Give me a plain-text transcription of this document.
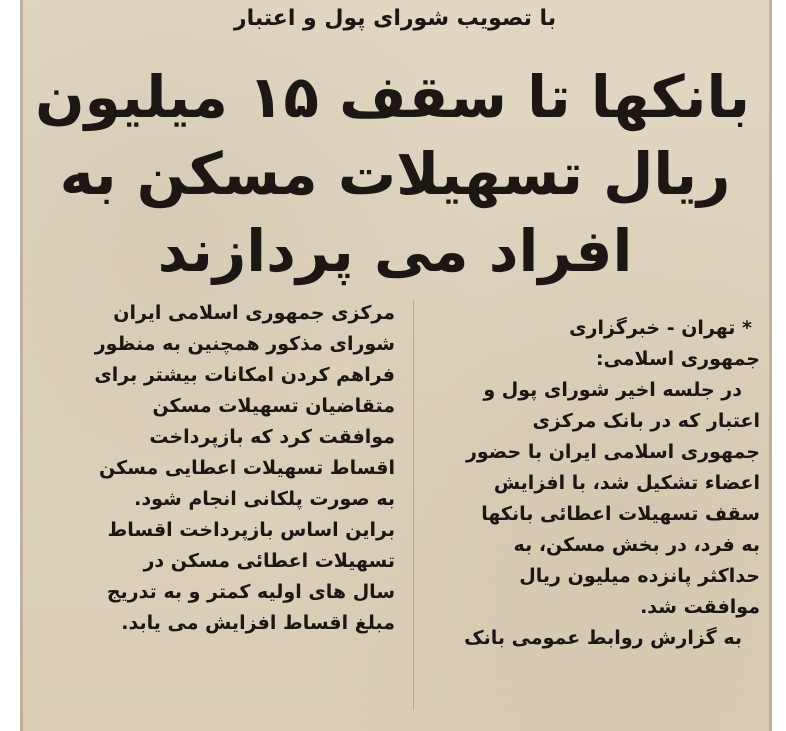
با تصویب شورای پول و اعتبار
بانکها تا سقف ۱۵ میلیون
ریال تسهیلات مسکن به
افراد می پردازند
* تهران - خبرگزاری
جمهوری اسلامی:
در جلسه اخیر شورای پول و
اعتبار که در بانک مرکزی
جمهوری اسلامی ایران با حضور
اعضاء تشکیل شد، با افزایش
سقف تسهیلات اعطائی بانکها
به فرد، در بخش مسکن، به
حداکثر پانزده میلیون ریال
موافقت شد.
به گزارش روابط عمومی بانک
مرکزی جمهوری اسلامی ایران
شورای مذکور همچنین به منظور
فراهم کردن امکانات بیشتر برای
متقاضیان تسهیلات مسکن
موافقت کرد که بازپرداخت
اقساط تسهیلات اعطایی مسکن
به صورت پلکانی انجام شود.
براین اساس بازپرداخت اقساط
تسهیلات اعطائی مسکن در
سال های اولیه کمتر و به تدریج
مبلغ اقساط افزایش می یابد.
